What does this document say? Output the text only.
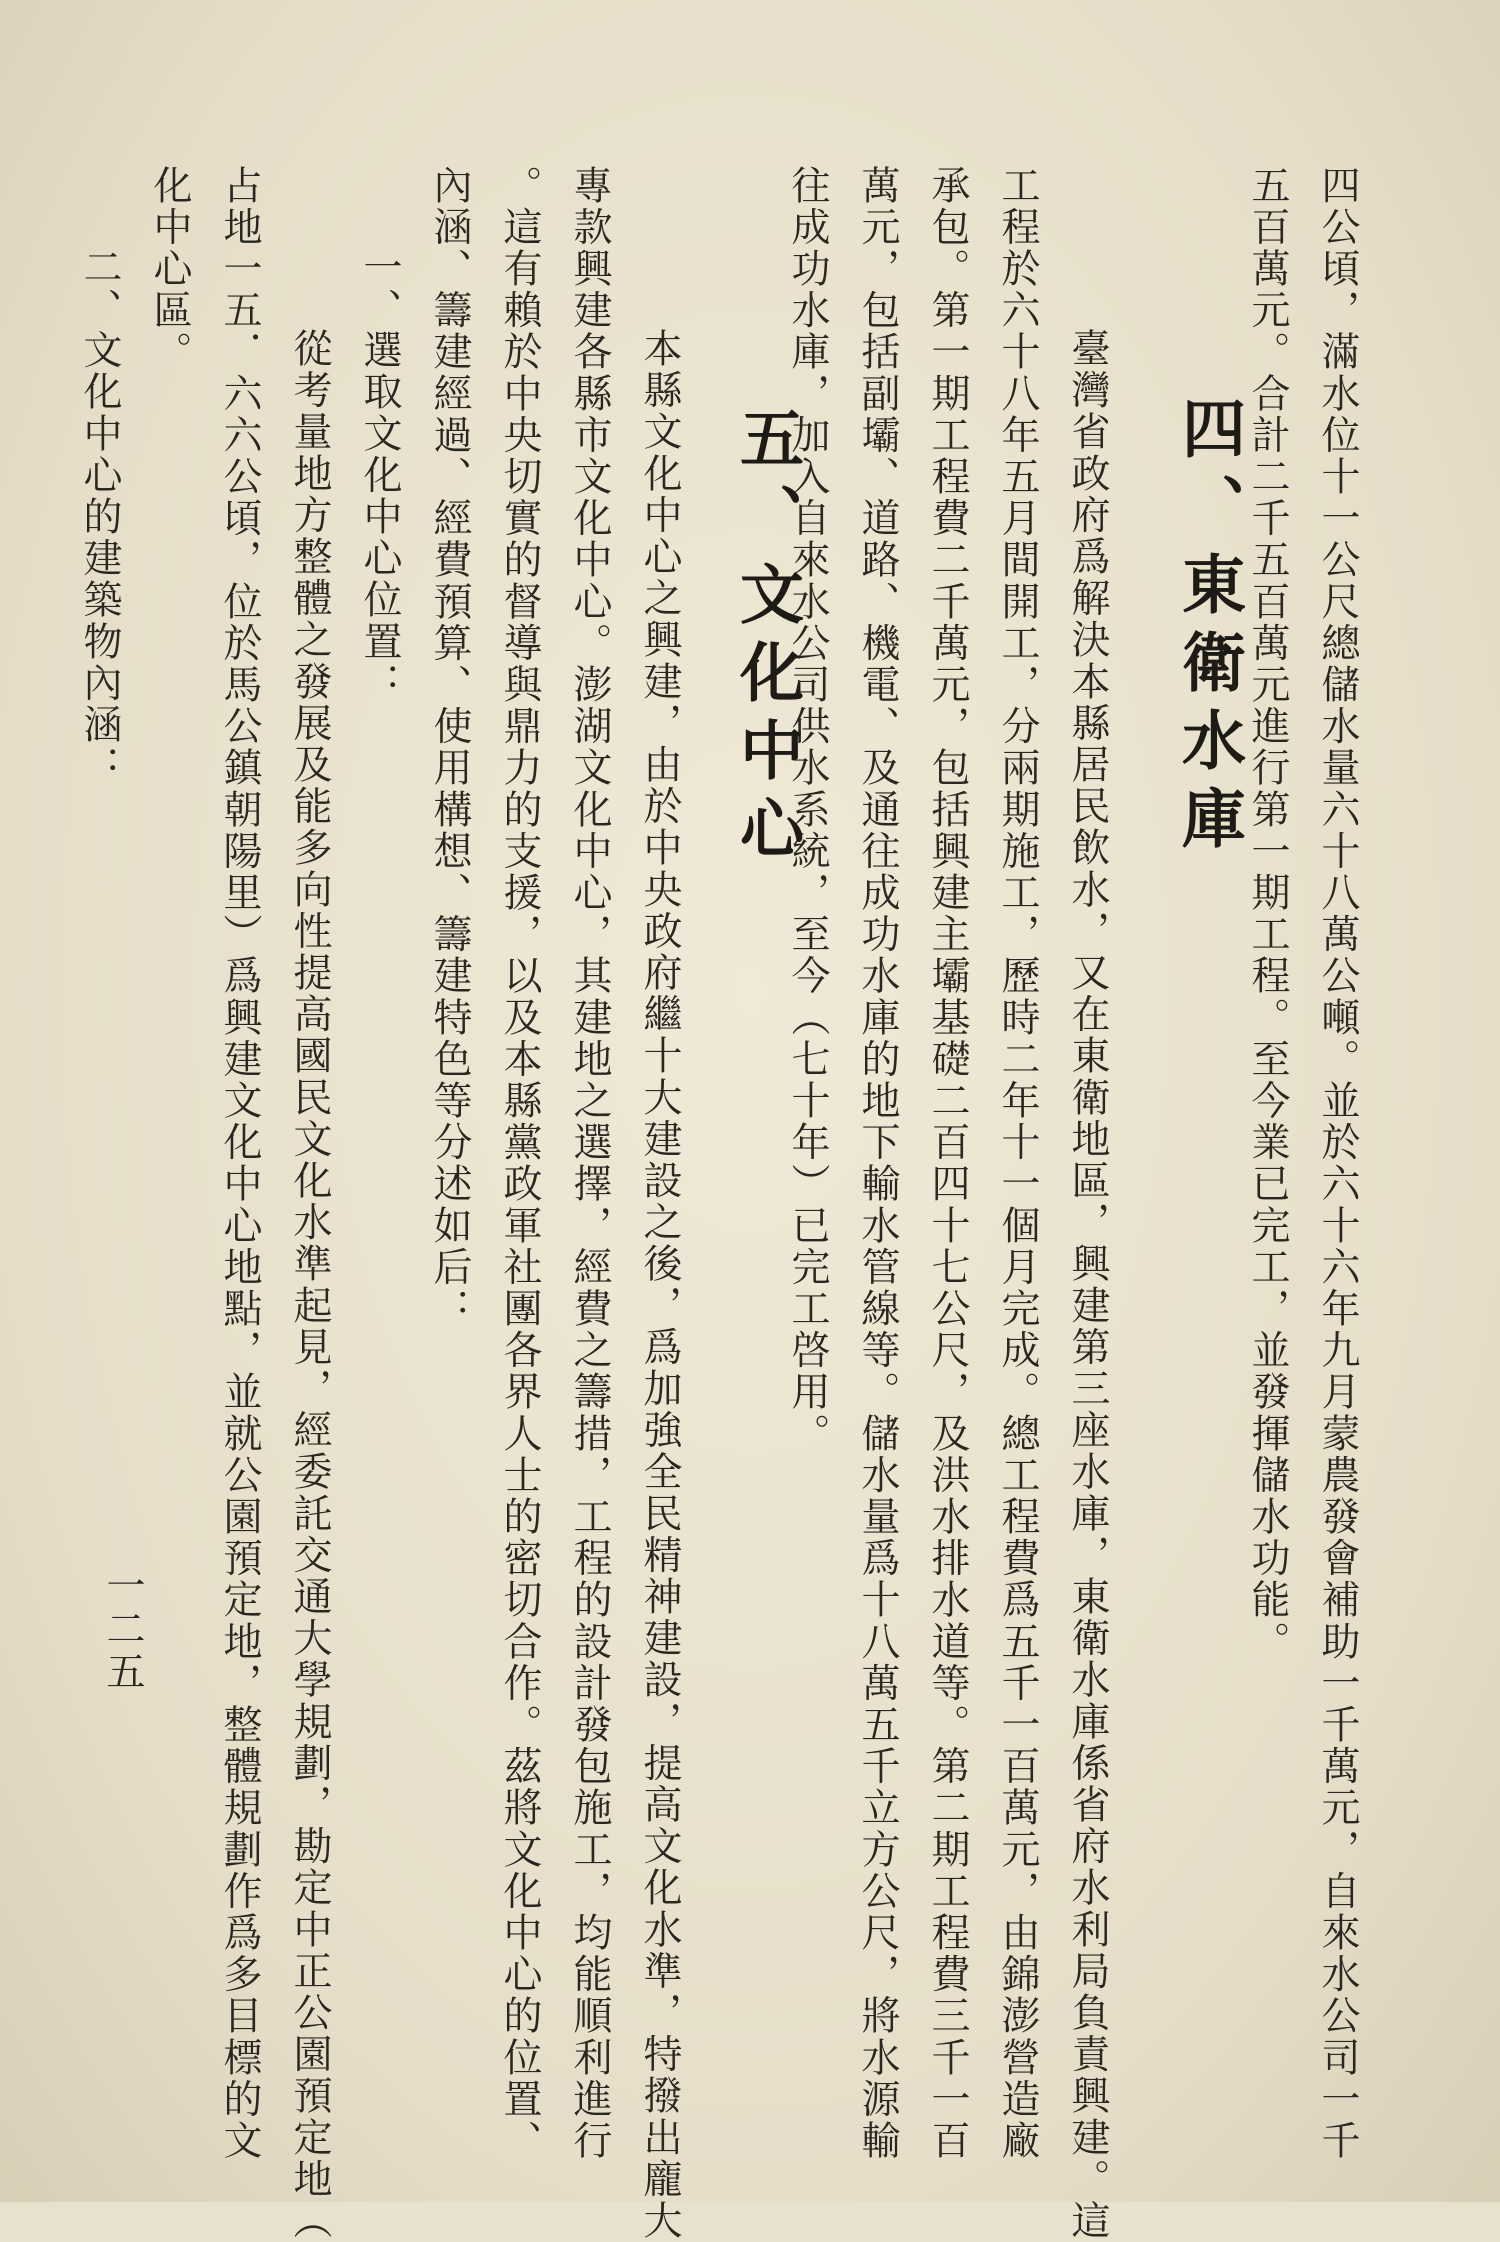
四公頃，滿水位十一公尺總儲水量六十八萬公噸。並於六十六年九月蒙農發會補助一千萬元，自來水公司一千
五百萬元。合計二千五百萬元進行第一期工程。至今業已完工，並發揮儲水功能。
四、東衛水庫
　　臺灣省政府爲解決本縣居民飲水，又在東衛地區，興建第三座水庫，東衛水庫係省府水利局負責興建。這
工程於六十八年五月間開工，分兩期施工，歷時二年十一個月完成。總工程費爲五千一百萬元，由錦澎營造廠
承包。第一期工程費二千萬元，包括興建主壩基礎二百四十七公尺，及洪水排水道等。第二期工程費三千一百
萬元，包括副壩、道路、機電、及通往成功水庫的地下輸水管線等。儲水量爲十八萬五千立方公尺，將水源輸
往成功水庫，加入自來水公司供水系統，至今（七十年）已完工啓用。
五、文化中心
　　本縣文化中心之興建，由於中央政府繼十大建設之後，爲加強全民精神建設，提高文化水準，特撥出龐大
專款興建各縣市文化中心。澎湖文化中心，其建地之選擇，經費之籌措，工程的設計發包施工，均能順利進行
。這有賴於中央切實的督導與鼎力的支援，以及本縣黨政軍社團各界人士的密切合作。茲將文化中心的位置、
內涵、籌建經過、經費預算、使用構想、籌建特色等分述如后：
　一、選取文化中心位置：
　　從考量地方整體之發展及能多向性提高國民文化水準起見，經委託交通大學規劃，勘定中正公園預定地（
占地一五．六六公頃，位於馬公鎮朝陽里）爲興建文化中心地點，並就公園預定地，整體規劃作爲多目標的文
化中心區。
　二、文化中心的建築物內涵：
一二五
